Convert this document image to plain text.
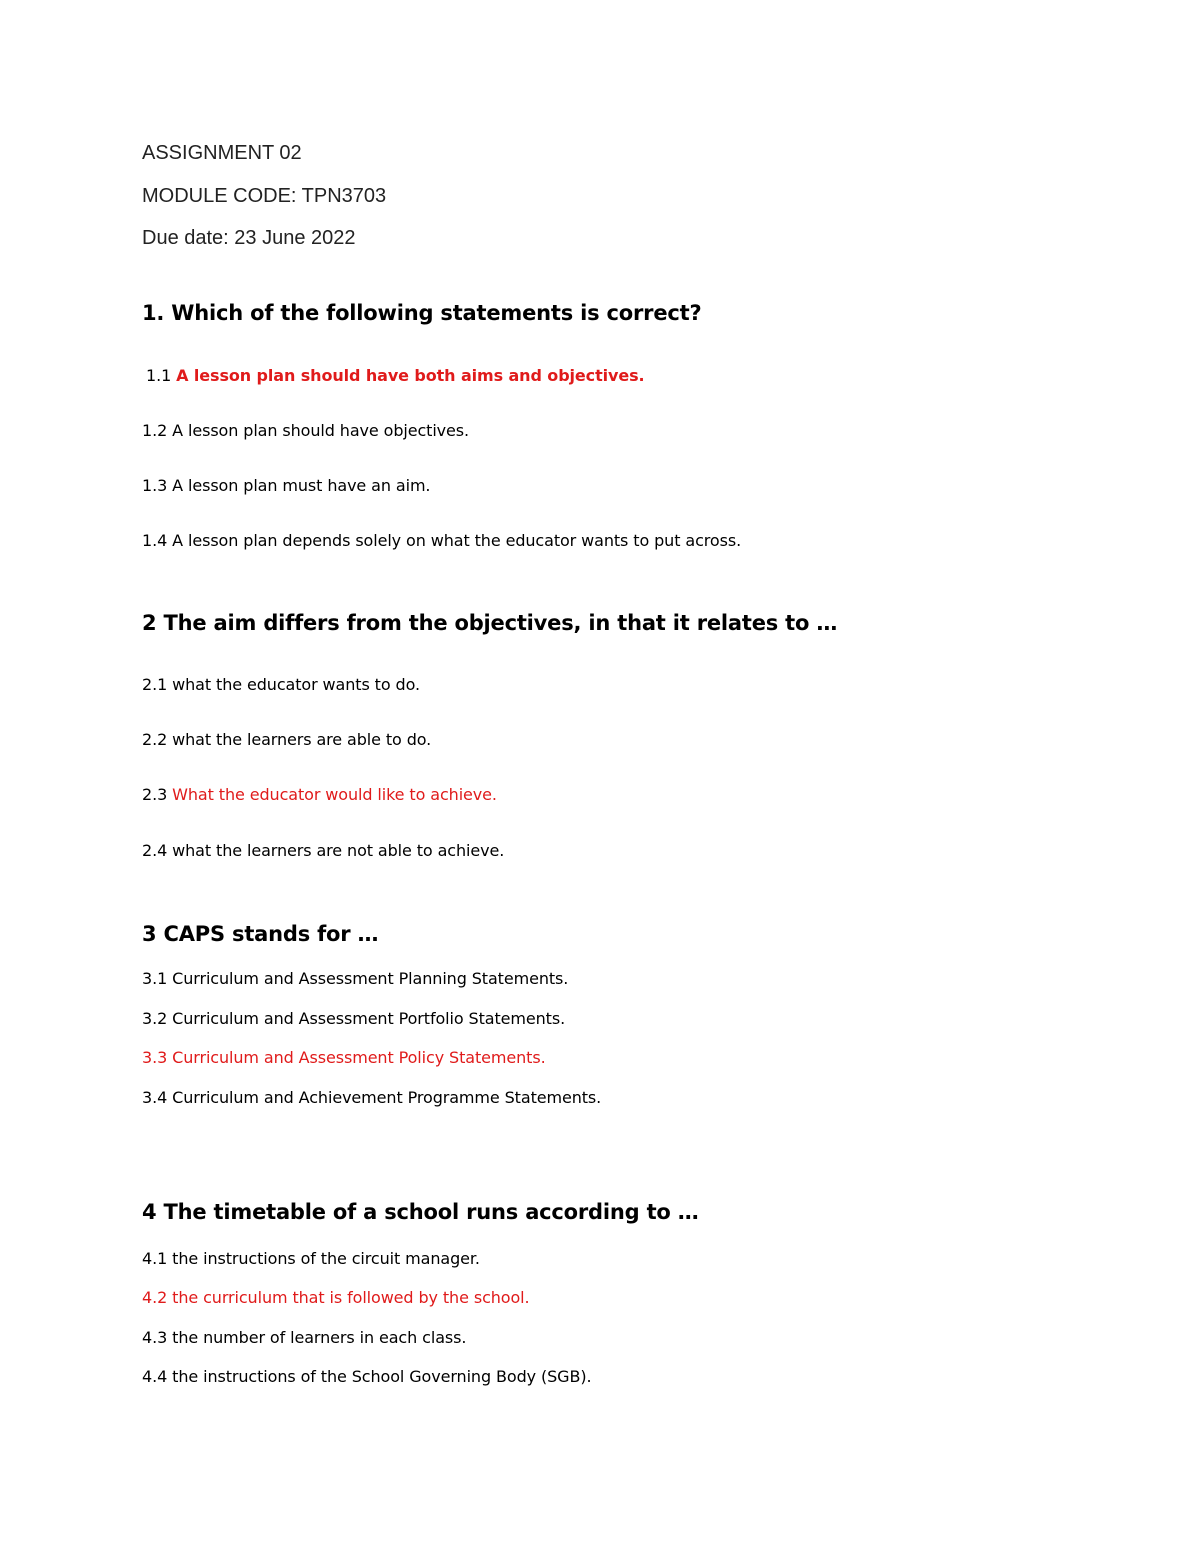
ASSIGNMENT 02
MODULE CODE: TPN3703
Due date: 23 June 2022
1. Which of the following statements is correct?
1.1 A lesson plan should have both aims and objectives.
1.2 A lesson plan should have objectives.
1.3 A lesson plan must have an aim.
1.4 A lesson plan depends solely on what the educator wants to put across.
2 The aim differs from the objectives, in that it relates to …
2.1 what the educator wants to do.
2.2 what the learners are able to do.
2.3 What the educator would like to achieve.
2.4 what the learners are not able to achieve.
3 CAPS stands for …
3.1 Curriculum and Assessment Planning Statements.
3.2 Curriculum and Assessment Portfolio Statements.
3.3 Curriculum and Assessment Policy Statements.
3.4 Curriculum and Achievement Programme Statements.
4 The timetable of a school runs according to …
4.1 the instructions of the circuit manager.
4.2 the curriculum that is followed by the school.
4.3 the number of learners in each class.
4.4 the instructions of the School Governing Body (SGB).
